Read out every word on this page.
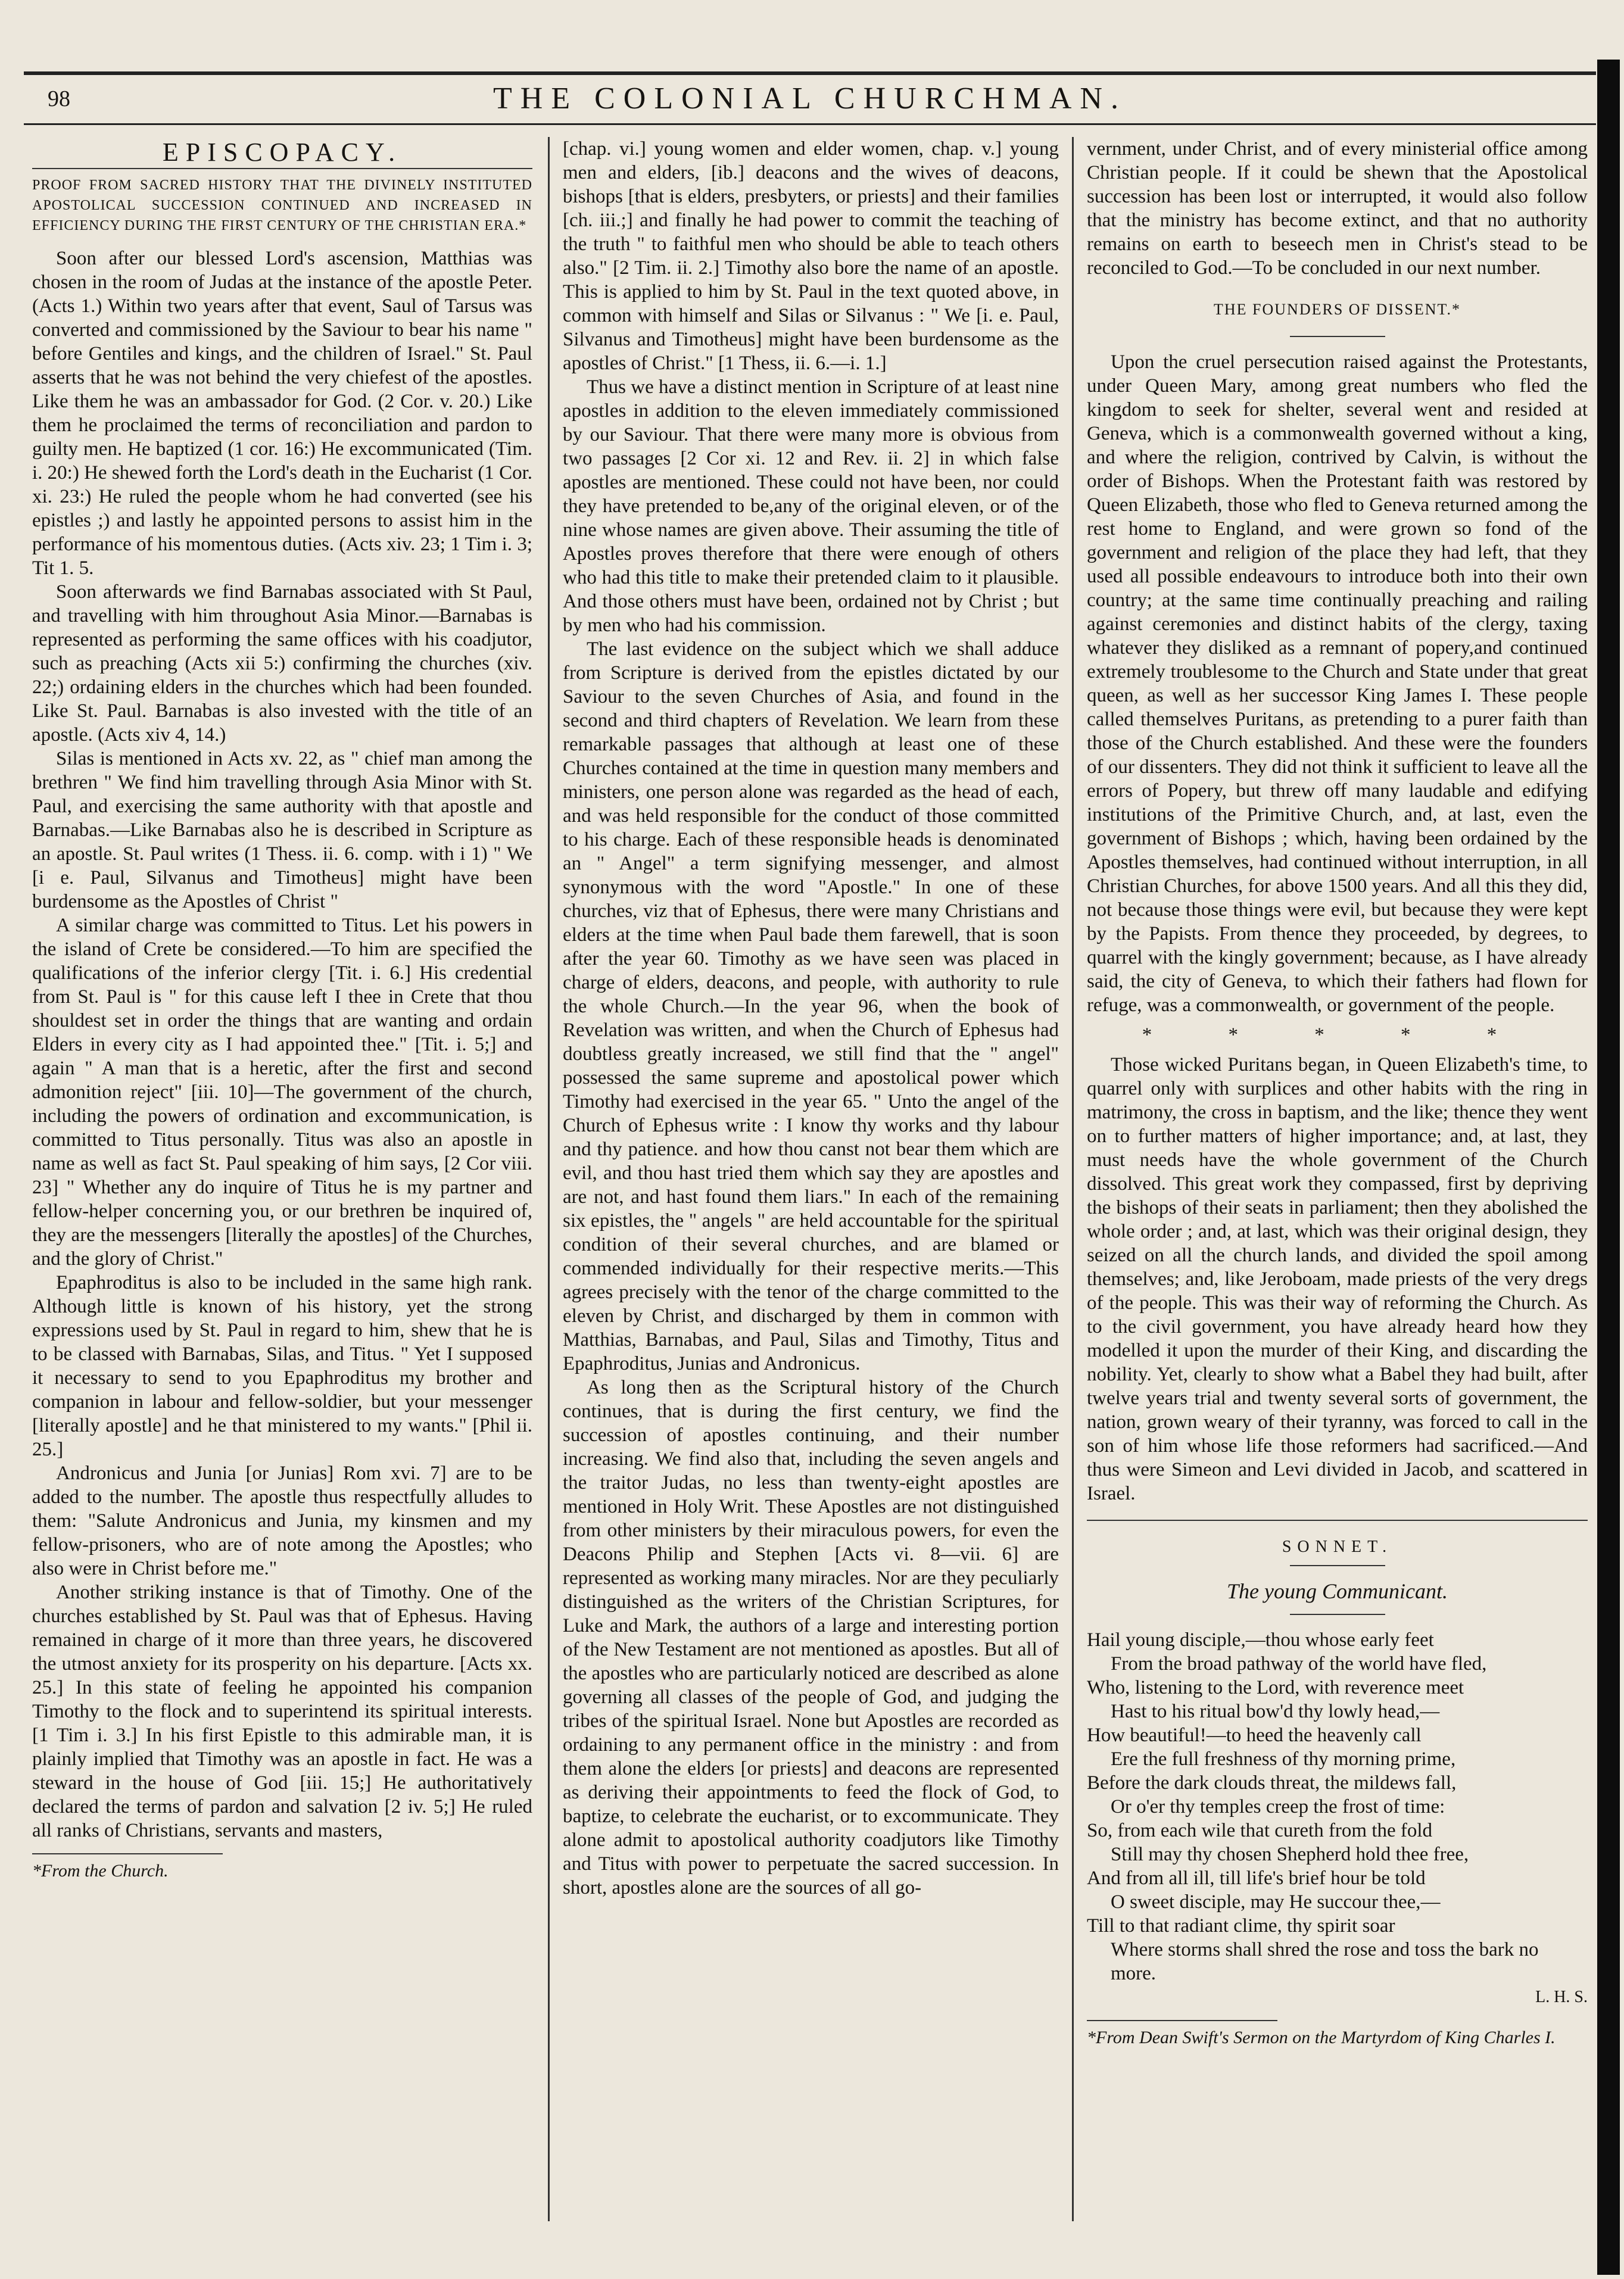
98	THE COLONIAL CHURCHMAN.
EPISCOPACY.

PROOF FROM SACRED HISTORY THAT THE DIVINELY INSTITUTED APOSTOLICAL SUCCESSION CONTINUED AND INCREASED IN EFFICIENCY DURING THE FIRST CENTURY OF THE CHRISTIAN ERA.*

Soon after our blessed Lord's ascension, Matthias was chosen in the room of Judas at the instance of the apostle Peter. (Acts 1.) Within two years after that event, Saul of Tarsus was converted and commissioned by the Saviour to bear his name " before Gentiles and kings, and the children of Israel." St. Paul asserts that he was not behind the very chiefest of the apostles. Like them he was an ambassador for God. (2 Cor. v. 20.) Like them he proclaimed the terms of reconciliation and pardon to guilty men. He baptized (1 cor. 16:) He excommunicated (Tim. i. 20:) He shewed forth the Lord's death in the Eucharist (1 Cor. xi. 23:) He ruled the people whom he had converted (see his epistles ;) and lastly he appointed persons to assist him in the performance of his momentous duties. (Acts xiv. 23; 1 Tim i. 3; Tit 1. 5.

Soon afterwards we find Barnabas associated with St Paul, and travelling with him throughout Asia Minor.—Barnabas is represented as performing the same offices with his coadjutor, such as preaching (Acts xii 5:) confirming the churches (xiv. 22;) ordaining elders in the churches which had been founded. Like St. Paul. Barnabas is also invested with the title of an apostle. (Acts xiv 4, 14.)

Silas is mentioned in Acts xv. 22, as " chief man among the brethren " We find him travelling through Asia Minor with St. Paul, and exercising the same authority with that apostle and Barnabas.—Like Barnabas also he is described in Scripture as an apostle. St. Paul writes (1 Thess. ii. 6. comp. with i 1) " We [i e. Paul, Silvanus and Timotheus] might have been burdensome as the Apostles of Christ "

A similar charge was committed to Titus. Let his powers in the island of Crete be considered.—To him are specified the qualifications of the inferior clergy [Tit. i. 6.] His credential from St. Paul is " for this cause left I thee in Crete that thou shouldest set in order the things that are wanting and ordain Elders in every city as I had appointed thee." [Tit. i. 5;] and again " A man that is a heretic, after the first and second admonition reject" [iii. 10]—The government of the church, including the powers of ordination and excommunication, is committed to Titus personally. Titus was also an apostle in name as well as fact St. Paul speaking of him says, [2 Cor viii. 23] " Whether any do inquire of Titus he is my partner and fellow-helper concerning you, or our brethren be inquired of, they are the messengers [literally the apostles] of the Churches, and the glory of Christ."

Epaphroditus is also to be included in the same high rank. Although little is known of his history, yet the strong expressions used by St. Paul in regard to him, shew that he is to be classed with Barnabas, Silas, and Titus. " Yet I supposed it necessary to send to you Epaphroditus my brother and companion in labour and fellow-soldier, but your messenger [literally apostle] and he that ministered to my wants." [Phil ii. 25.]

Andronicus and Junia [or Junias] Rom xvi. 7] are to be added to the number. The apostle thus respectfully alludes to them: "Salute Andronicus and Junia, my kinsmen and my fellow-prisoners, who are of note among the Apostles; who also were in Christ before me."

Another striking instance is that of Timothy. One of the churches established by St. Paul was that of Ephesus. Having remained in charge of it more than three years, he discovered the utmost anxiety for its prosperity on his departure. [Acts xx. 25.] In this state of feeling he appointed his companion Timothy to the flock and to superintend its spiritual interests. [1 Tim i. 3.] In his first Epistle to this admirable man, it is plainly implied that Timothy was an apostle in fact. He was a steward in the house of God [iii. 15;] He authoritatively declared the terms of pardon and salvation [2 iv. 5;] He ruled all ranks of Christians, servants and masters,

*From the Church.

[chap. vi.] young women and elder women, chap. v.] young men and elders, [ib.] deacons and the wives of deacons, bishops [that is elders, presbyters, or priests] and their families [ch. iii.;] and finally he had power to commit the teaching of the truth " to faithful men who should be able to teach others also." [2 Tim. ii. 2.] Timothy also bore the name of an apostle. This is applied to him by St. Paul in the text quoted above, in common with himself and Silas or Silvanus : " We [i. e. Paul, Silvanus and Timotheus] might have been burdensome as the apostles of Christ." [1 Thess, ii. 6.—i. 1.]

Thus we have a distinct mention in Scripture of at least nine apostles in addition to the eleven immediately commissioned by our Saviour. That there were many more is obvious from two passages [2 Cor xi. 12 and Rev. ii. 2] in which false apostles are mentioned. These could not have been, nor could they have pretended to be,any of the original eleven, or of the nine whose names are given above. Their assuming the title of Apostles proves therefore that there were enough of others who had this title to make their pretended claim to it plausible. And those others must have been, ordained not by Christ ; but by men who had his commission.

The last evidence on the subject which we shall adduce from Scripture is derived from the epistles dictated by our Saviour to the seven Churches of Asia, and found in the second and third chapters of Revelation. We learn from these remarkable passages that although at least one of these Churches contained at the time in question many members and ministers, one person alone was regarded as the head of each, and was held responsible for the conduct of those committed to his charge. Each of these responsible heads is denominated an " Angel" a term signifying messenger, and almost synonymous with the word "Apostle." In one of these churches, viz that of Ephesus, there were many Christians and elders at the time when Paul bade them farewell, that is soon after the year 60. Timothy as we have seen was placed in charge of elders, deacons, and people, with authority to rule the whole Church.—In the year 96, when the book of Revelation was written, and when the Church of Ephesus had doubtless greatly increased, we still find that the " angel" possessed the same supreme and apostolical power which Timothy had exercised in the year 65. " Unto the angel of the Church of Ephesus write : I know thy works and thy labour and thy patience. and how thou canst not bear them which are evil, and thou hast tried them which say they are apostles and are not, and hast found them liars." In each of the remaining six epistles, the " angels " are held accountable for the spiritual condition of their several churches, and are blamed or commended individually for their respective merits.—This agrees precisely with the tenor of the charge committed to the eleven by Christ, and discharged by them in common with Matthias, Barnabas, and Paul, Silas and Timothy, Titus and Epaphroditus, Junias and Andronicus.

As long then as the Scriptural history of the Church continues, that is during the first century, we find the succession of apostles continuing, and their number increasing. We find also that, including the seven angels and the traitor Judas, no less than twenty-eight apostles are mentioned in Holy Writ. These Apostles are not distinguished from other ministers by their miraculous powers, for even the Deacons Philip and Stephen [Acts vi. 8—vii. 6] are represented as working many miracles. Nor are they peculiarly distinguished as the writers of the Christian Scriptures, for Luke and Mark, the authors of a large and interesting portion of the New Testament are not mentioned as apostles. But all of the apostles who are particularly noticed are described as alone governing all classes of the people of God, and judging the tribes of the spiritual Israel. None but Apostles are recorded as ordaining to any permanent office in the ministry : and from them alone the elders [or priests] and deacons are represented as deriving their appointments to feed the flock of God, to baptize, to celebrate the eucharist, or to excommunicate. They alone admit to apostolical authority coadjutors like Timothy and Titus with power to perpetuate the sacred succession. In short, apostles alone are the sources of all go-

vernment, under Christ, and of every ministerial office among Christian people. If it could be shewn that the Apostolical succession has been lost or interrupted, it would also follow that the ministry has become extinct, and that no authority remains on earth to beseech men in Christ's stead to be reconciled to God.—To be concluded in our next number.

THE FOUNDERS OF DISSENT.*

Upon the cruel persecution raised against the Protestants, under Queen Mary, among great numbers who fled the kingdom to seek for shelter, several went and resided at Geneva, which is a commonwealth governed without a king, and where the religion, contrived by Calvin, is without the order of Bishops. When the Protestant faith was restored by Queen Elizabeth, those who fled to Geneva returned among the rest home to England, and were grown so fond of the government and religion of the place they had left, that they used all possible endeavours to introduce both into their own country; at the same time continually preaching and railing against ceremonies and distinct habits of the clergy, taxing whatever they disliked as a remnant of popery,and continued extremely troublesome to the Church and State under that great queen, as well as her successor King James I. These people called themselves Puritans, as pretending to a purer faith than those of the Church established. And these were the founders of our dissenters. They did not think it sufficient to leave all the errors of Popery, but threw off many laudable and edifying institutions of the Primitive Church, and, at last, even the government of Bishops ; which, having been ordained by the Apostles themselves, had continued without interruption, in all Christian Churches, for above 1500 years. And all this they did, not because those things were evil, but because they were kept by the Papists. From thence they proceeded, by degrees, to quarrel with the kingly government; because, as I have already said, the city of Geneva, to which their fathers had flown for refuge, was a commonwealth, or government of the people.

* * * * *

Those wicked Puritans began, in Queen Elizabeth's time, to quarrel only with surplices and other habits with the ring in matrimony, the cross in baptism, and the like; thence they went on to further matters of higher importance; and, at last, they must needs have the whole government of the Church dissolved. This great work they compassed, first by depriving the bishops of their seats in parliament; then they abolished the whole order ; and, at last, which was their original design, they seized on all the church lands, and divided the spoil among themselves; and, like Jeroboam, made priests of the very dregs of the people. This was their way of reforming the Church. As to the civil government, you have already heard how they modelled it upon the murder of their King, and discarding the nobility. Yet, clearly to show what a Babel they had built, after twelve years trial and twenty several sorts of government, the nation, grown weary of their tyranny, was forced to call in the son of him whose life those reformers had sacrificed.—And thus were Simeon and Levi divided in Jacob, and scattered in Israel.

SONNET.
The young Communicant.

Hail young disciple,—thou whose early feet

From the broad pathway of the world have fled,

Who, listening to the Lord, with reverence meet

Hast to his ritual bow'd thy lowly head,—

How beautiful!—to heed the heavenly call

Ere the full freshness of thy morning prime,

Before the dark clouds threat, the mildews fall,

Or o'er thy temples creep the frost of time:

So, from each wile that cureth from the fold

Still may thy chosen Shepherd hold thee free,

And from all ill, till life's brief hour be told

O sweet disciple, may He succour thee,—

Till to that radiant clime, thy spirit soar

Where storms shall shred the rose and toss the bark no

more.

L. H. S.

*From Dean Swift's Sermon on the Martyrdom of King Charles I.
